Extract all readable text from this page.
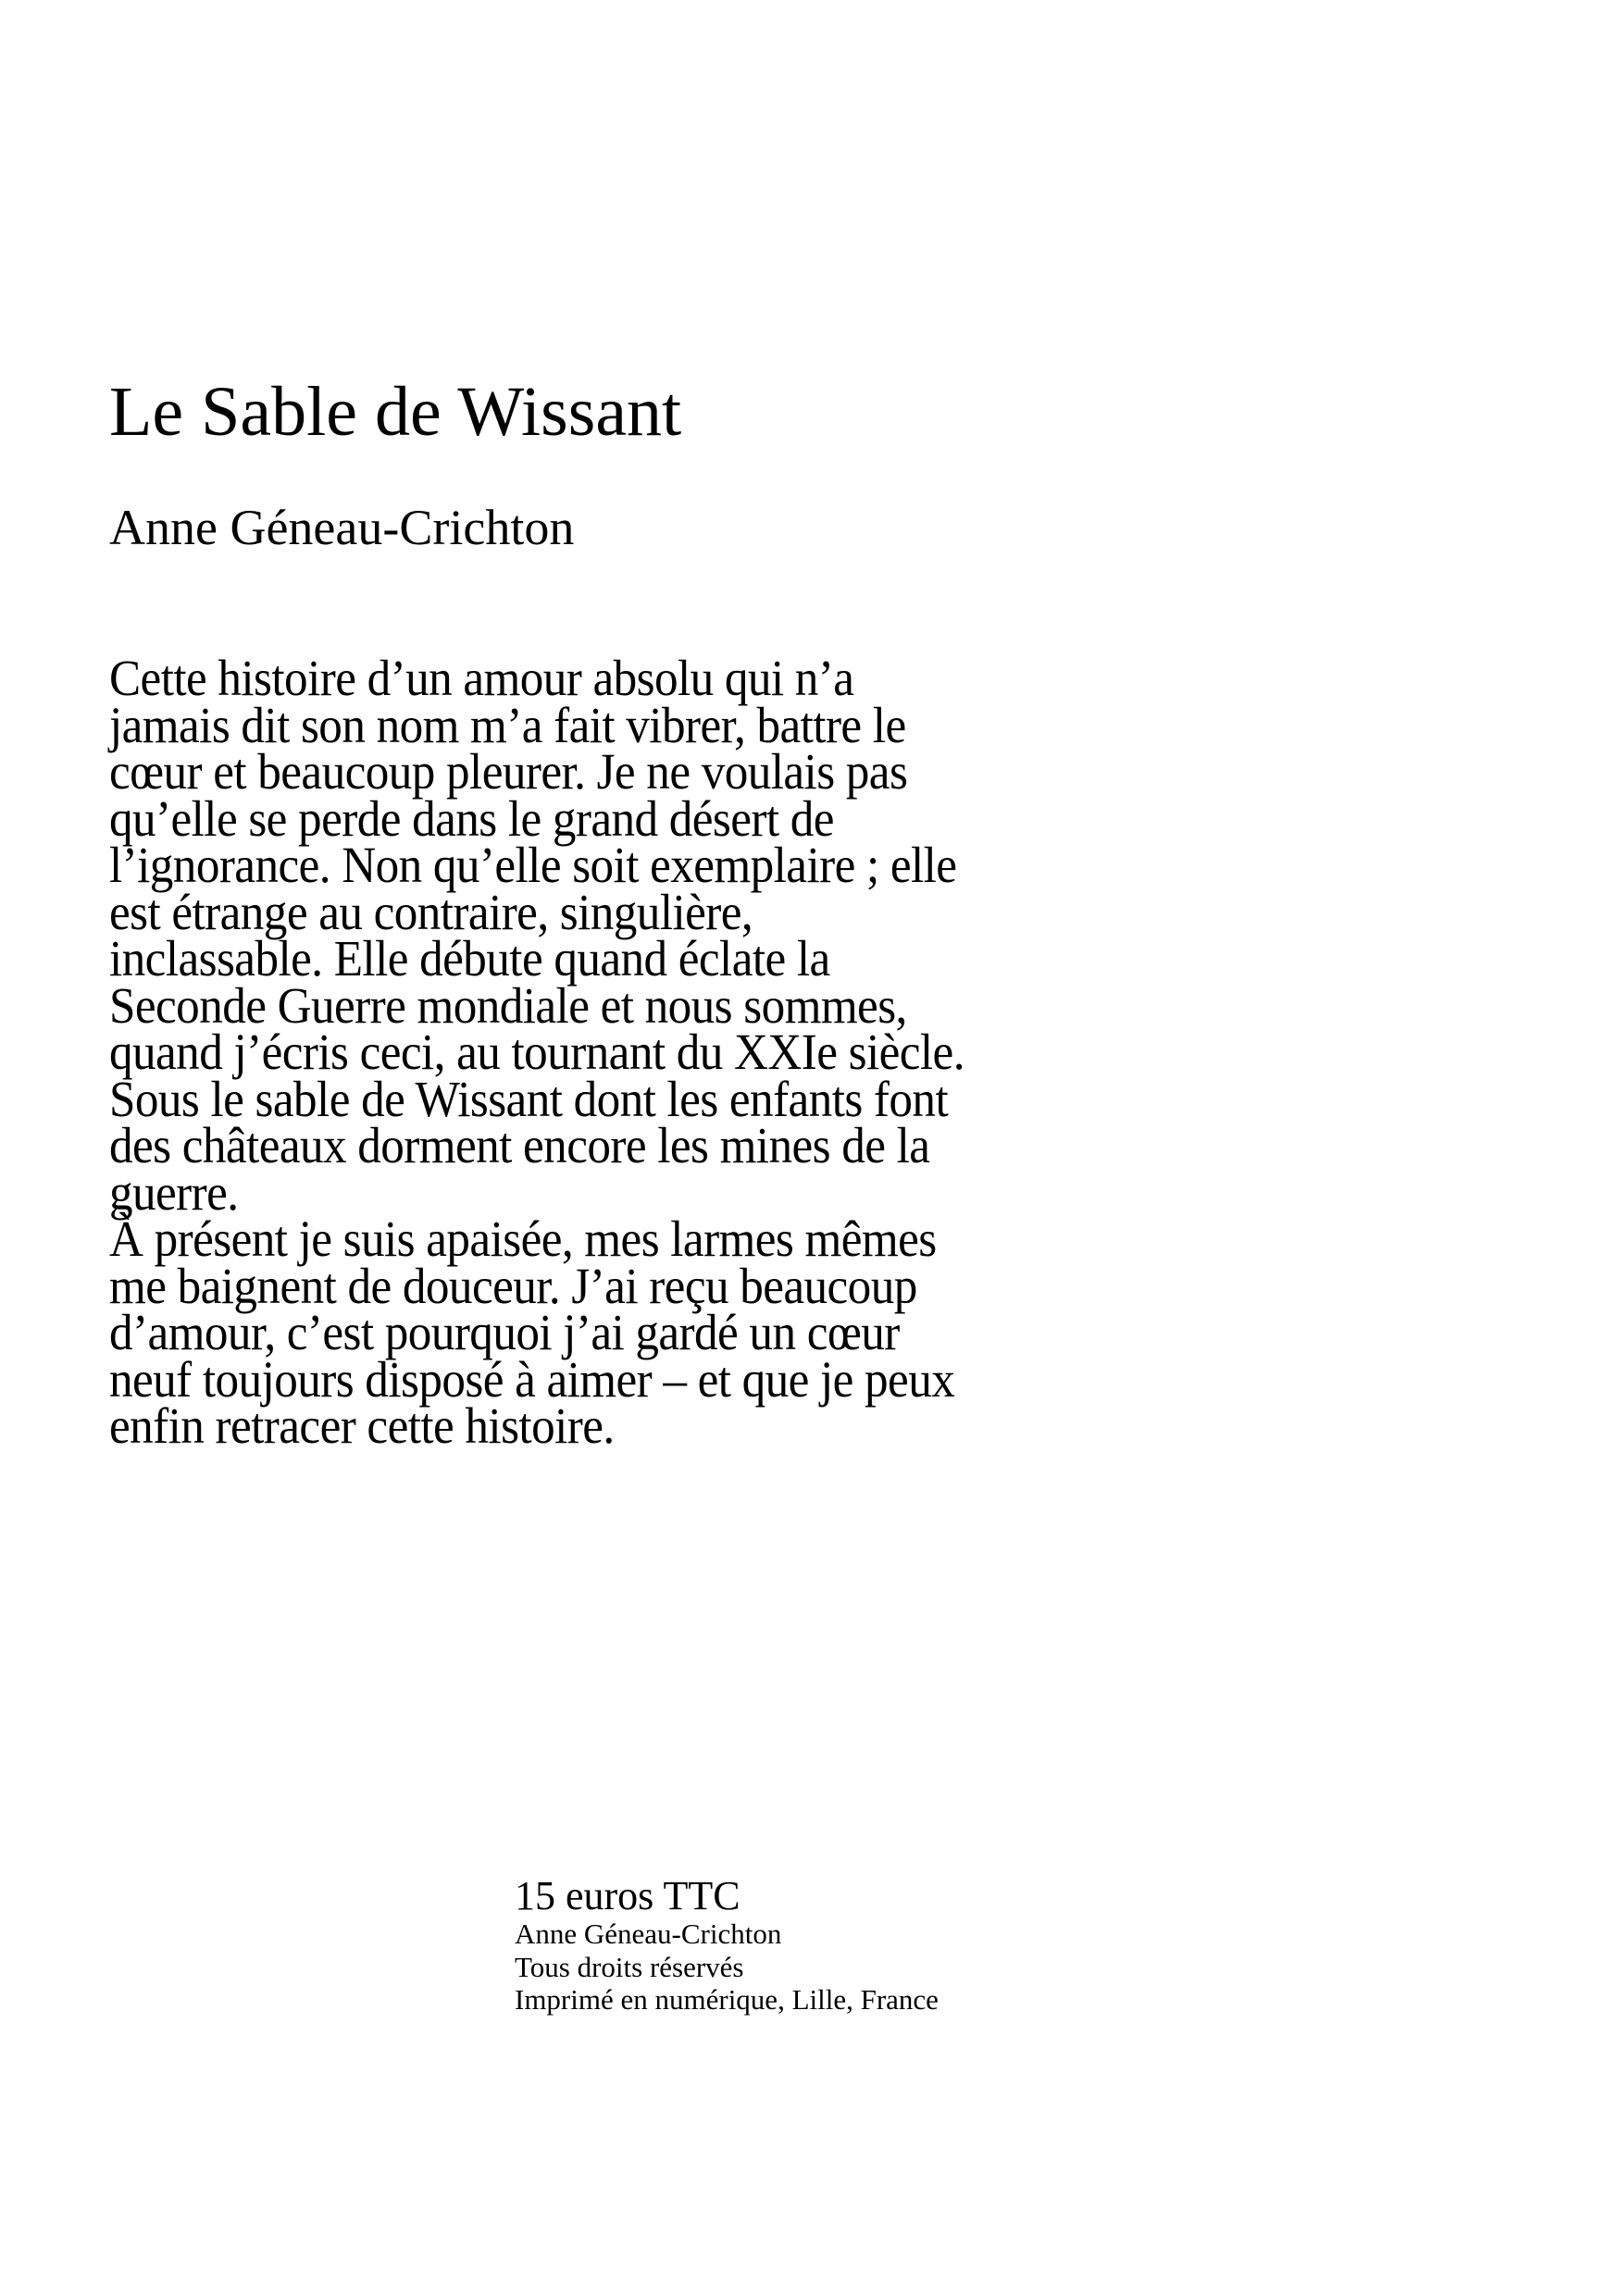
Le Sable de Wissant
Anne Géneau-Crichton
Cette histoire d’un amour absolu qui n’a
jamais dit son nom m’a fait vibrer, battre le
cœur et beaucoup pleurer. Je ne voulais pas
qu’elle se perde dans le grand désert de
l’ignorance. Non qu’elle soit exemplaire ; elle
est étrange au contraire, singulière,
inclassable. Elle débute quand éclate la
Seconde Guerre mondiale et nous sommes,
quand j’écris ceci, au tournant du XXIe siècle.
Sous le sable de Wissant dont les enfants font
des châteaux dorment encore les mines de la
guerre.
À présent je suis apaisée, mes larmes mêmes
me baignent de douceur. J’ai reçu beaucoup
d’amour, c’est pourquoi j’ai gardé un cœur
neuf toujours disposé à aimer – et que je peux
enfin retracer cette histoire.
15 euros TTC
Anne Géneau-Crichton
Tous droits réservés
Imprimé en numérique, Lille, France
